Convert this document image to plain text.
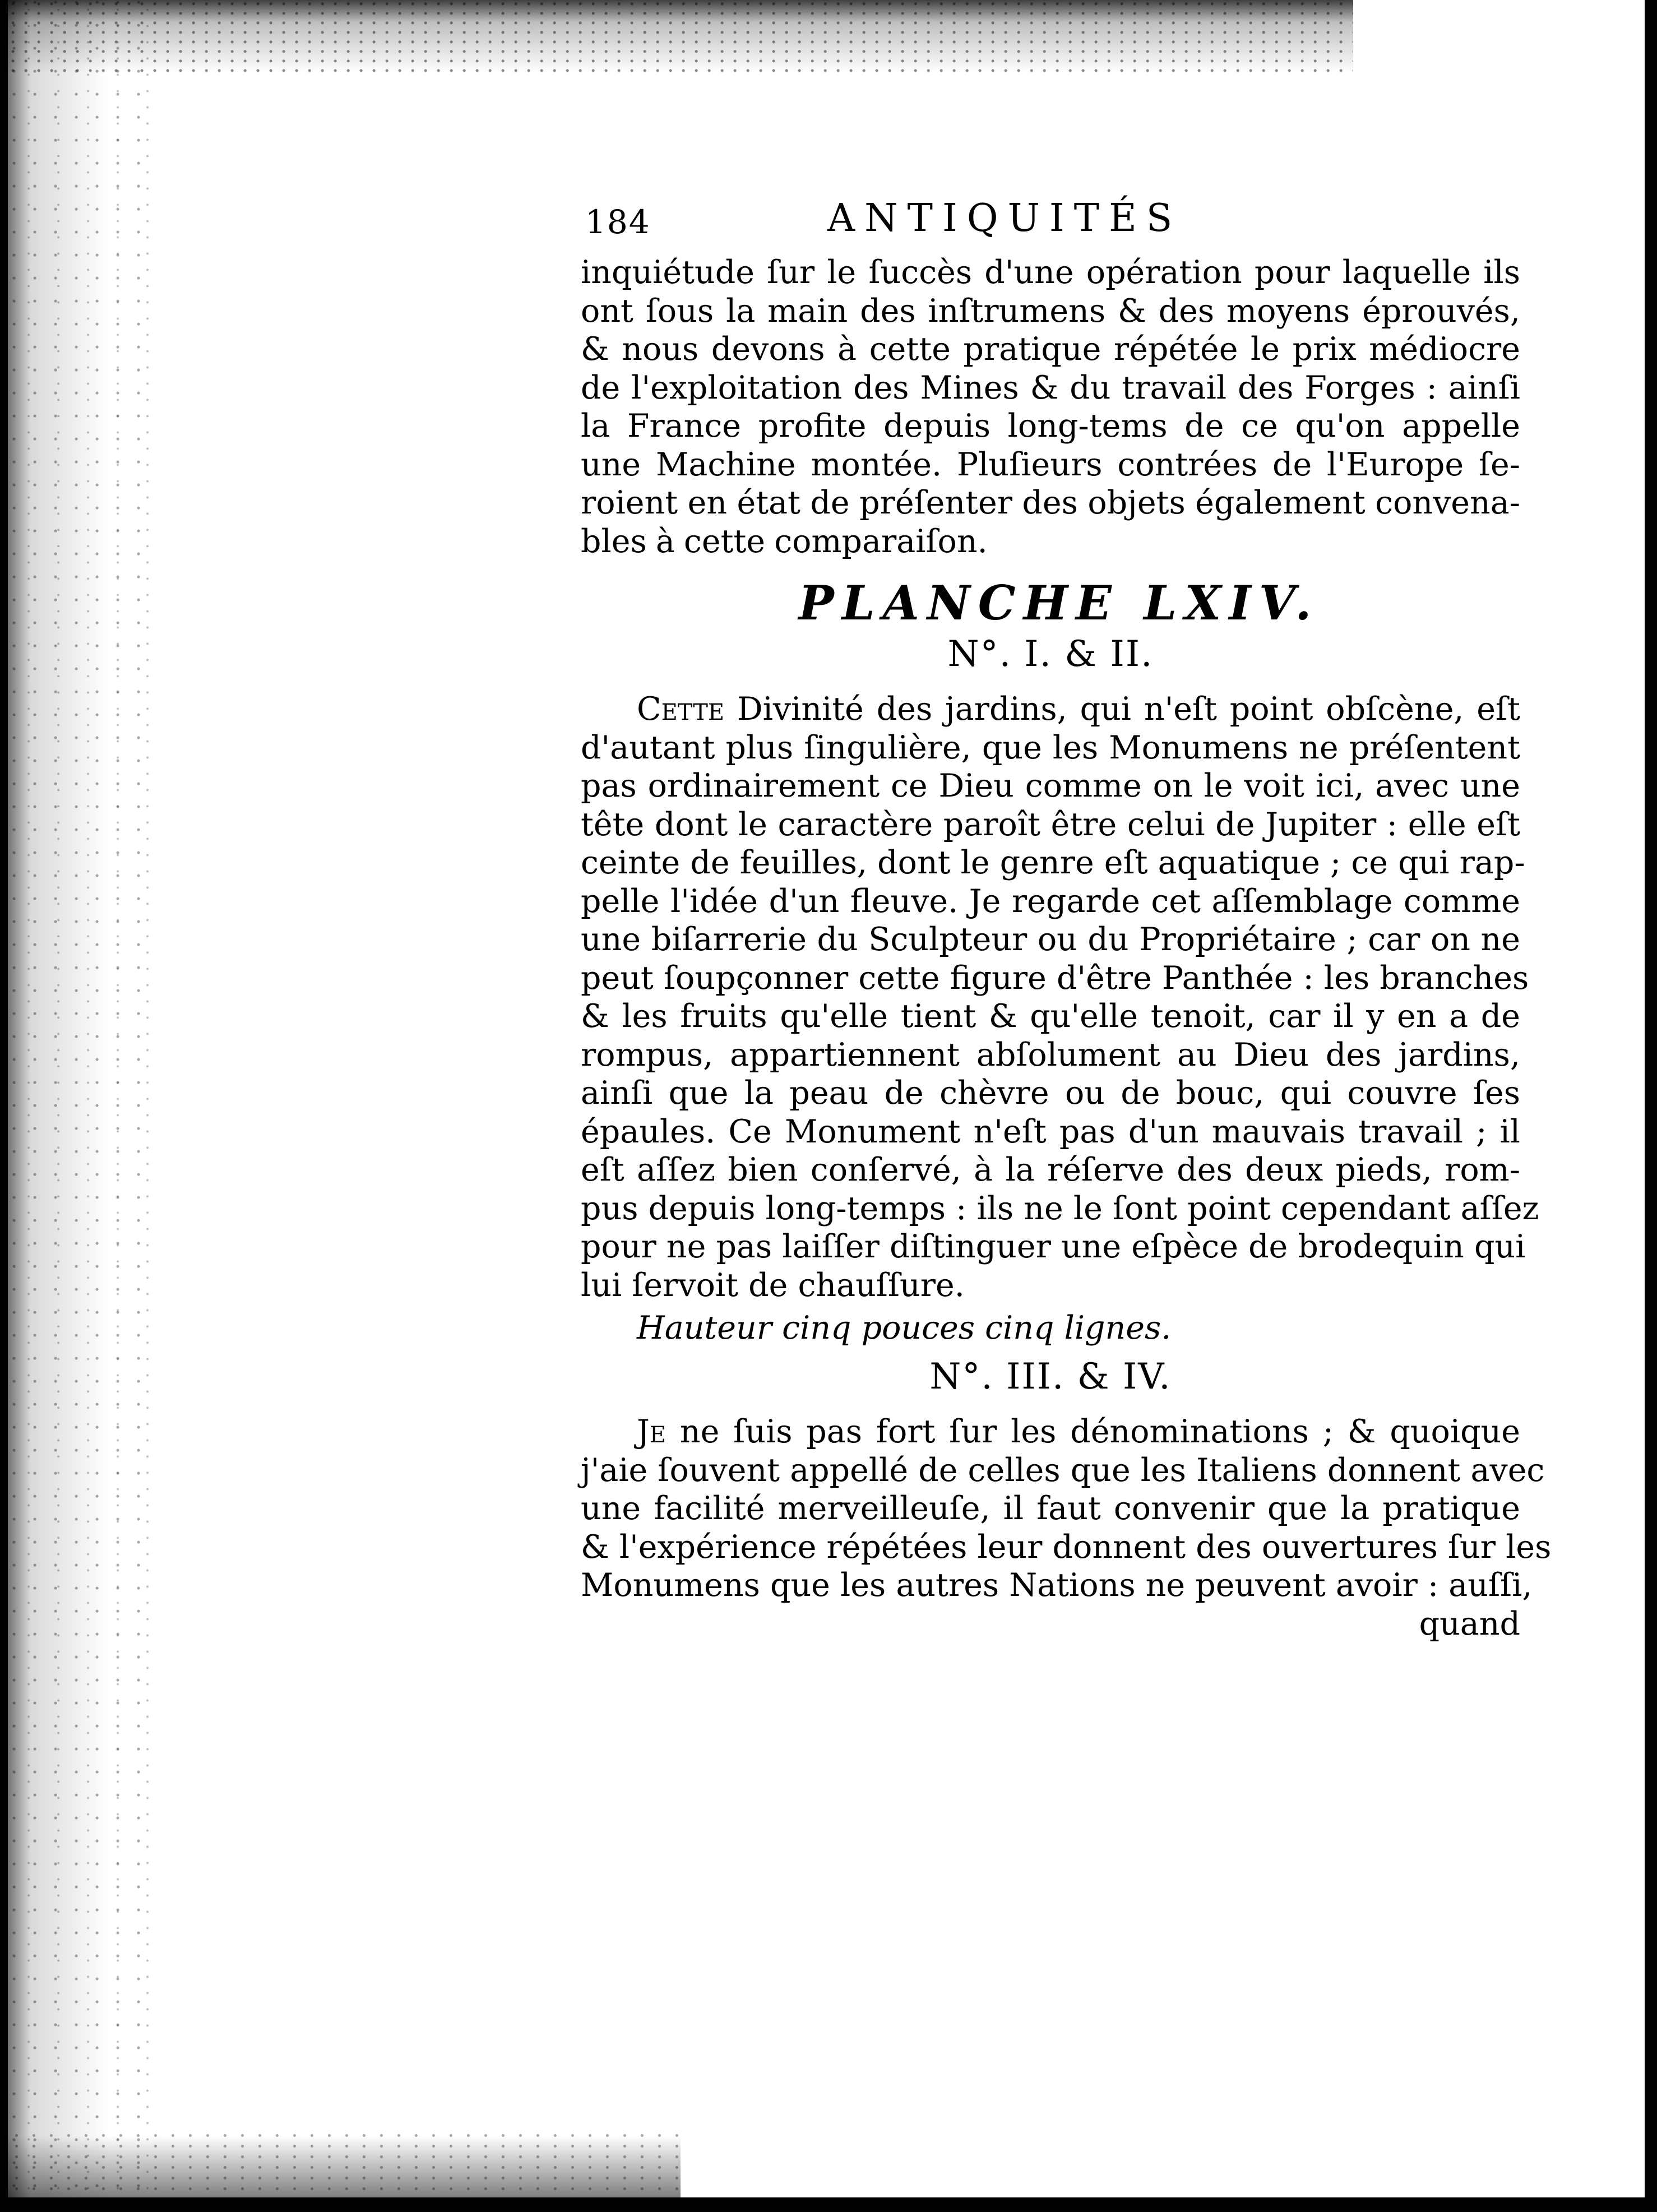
184	ANTIQUITÉS
inquiétude ſur le ſuccès d'une opération pour laquelle ils
ont ſous la main des inſtrumens & des moyens éprouvés,
& nous devons à cette pratique répétée le prix médiocre
de l'exploitation des Mines & du travail des Forges : ainſi
la France profite depuis long-tems de ce qu'on appelle
une Machine montée. Pluſieurs contrées de l'Europe ſe-
roient en état de préſenter des objets également convena-
bles à cette comparaiſon.
PLANCHE LXIV.
N°. I. & II.
Cette Divinité des jardins, qui n'eſt point obſcène, eſt
d'autant plus ſingulière, que les Monumens ne préſentent
pas ordinairement ce Dieu comme on le voit ici, avec une
tête dont le caractère paroît être celui de Jupiter : elle eſt
ceinte de feuilles, dont le genre eſt aquatique ; ce qui rap-
pelle l'idée d'un fleuve. Je regarde cet aſſemblage comme
une biſarrerie du Sculpteur ou du Propriétaire ; car on ne
peut ſoupçonner cette figure d'être Panthée : les branches
& les fruits qu'elle tient & qu'elle tenoit, car il y en a de
rompus, appartiennent abſolument au Dieu des jardins,
ainſi que la peau de chèvre ou de bouc, qui couvre ſes
épaules. Ce Monument n'eſt pas d'un mauvais travail ; il
eſt aſſez bien conſervé, à la réſerve des deux pieds, rom-
pus depuis long-temps : ils ne le ſont point cependant aſſez
pour ne pas laiſſer diſtinguer une eſpèce de brodequin qui
lui ſervoit de chauſſure.
Hauteur cinq pouces cinq lignes.
N°. III. & IV.
Je ne ſuis pas fort ſur les dénominations ; & quoique
j'aie ſouvent appellé de celles que les Italiens donnent avec
une facilité merveilleuſe, il faut convenir que la pratique
& l'expérience répétées leur donnent des ouvertures ſur les
Monumens que les autres Nations ne peuvent avoir : auſſi,
quand
